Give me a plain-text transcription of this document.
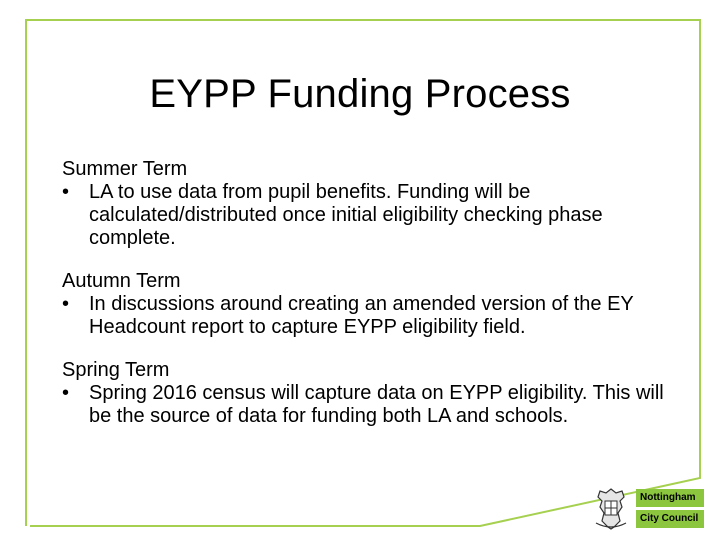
EYPP Funding Process
Summer Term
• LA to use data from pupil benefits. Funding will be calculated/distributed once initial eligibility checking phase complete.
Autumn Term
• In discussions around creating an amended version of the EY Headcount report to capture EYPP eligibility field.
Spring Term
• Spring 2016 census will capture data on EYPP eligibility. This will be the source of data for funding both LA and schools.
Nottingham
City Council
